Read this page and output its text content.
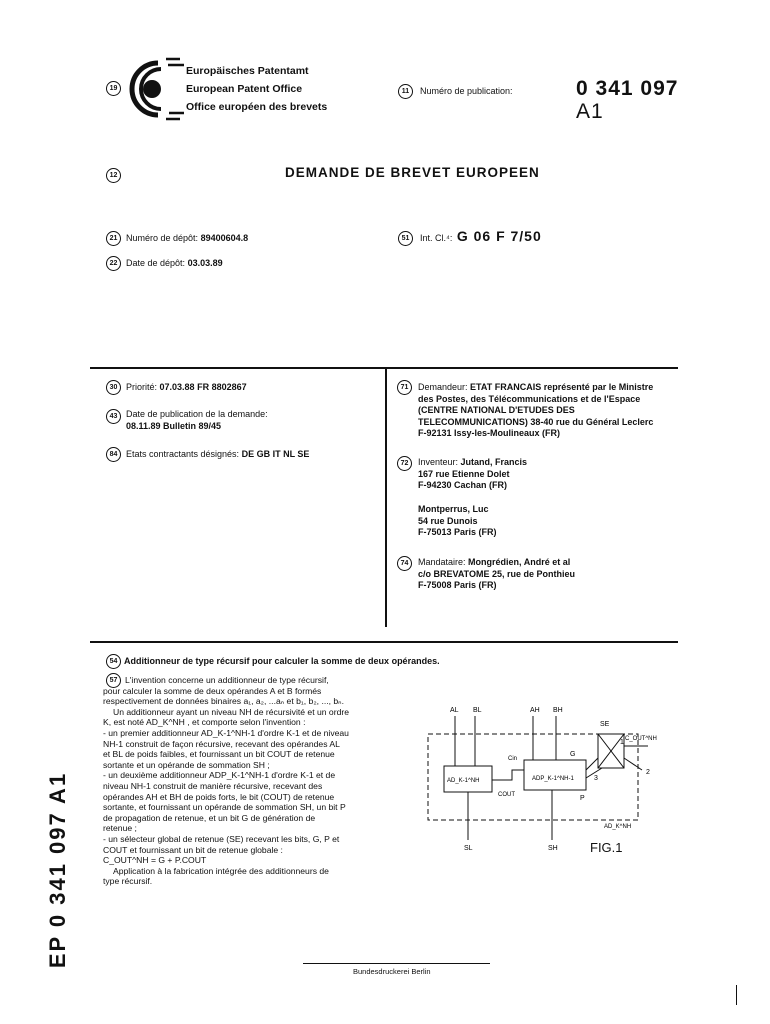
19
Europäisches Patentamt
European Patent Office
Office européen des brevets
11	Numéro de publication:	0 341 097
A1
12	DEMANDE DE BREVET EUROPEEN
21 Numéro de dépôt: 89400604.8
22 Date de dépôt: 03.03.89
51	Int. Cl.⁴: G 06 F 7/50
30 Priorité: 07.03.88 FR 8802867
43 Date de publication de la demande:
08.11.89 Bulletin 89/45
84 Etats contractants désignés: DE GB IT NL SE
71	Demandeur: ETAT FRANCAIS représenté par le Ministre
des Postes, des Télécommunications et de l'Espace
(CENTRE NATIONAL D'ETUDES DES
TELECOMMUNICATIONS) 38-40 rue du Général Leclerc
F-92131 Issy-les-Moulineaux (FR)
72	Inventeur: Jutand, Francis
167 rue Etienne Dolet
F-94230 Cachan (FR)
Montperrus, Luc
54 rue Dunois
F-75013 Paris (FR)
74	Mandataire: Mongrédien, André et al
c/o BREVATOME 25, rue de Ponthieu
F-75008 Paris (FR)
54 Additionneur de type récursif pour calculer la somme de deux opérandes.
57 L'invention concerne un additionneur de type récursif,

pour calculer la somme de deux opérandes A et B formés

respectivement de données binaires a₁, a₂, ...aₙ et b₁, b₂, ..., bₙ.

Un additionneur ayant un niveau NH de récursivité et un ordre

K, est noté AD_K^NH , et comporte selon l'invention :

- un premier additionneur AD_K-1^NH-1 d'ordre K-1 et de niveau

NH-1 construit de façon récursive, recevant des opérandes AL

et BL de poids faibles, et fournissant un bit COUT de retenue

sortante et un opérande de sommation SH ;

- un deuxième additionneur ADP_K-1^NH-1 d'ordre K-1 et de

niveau NH-1 construit de manière récursive, recevant des

opérandes AH et BH de poids forts, le bit (COUT) de retenue

sortante, et fournissant un opérande de sommation SH, un bit P

de propagation de retenue, et un bit G de génération de

retenue ;

- un sélecteur global de retenue (SE) recevant les bits, G, P et

COUT et fournissant un bit de retenue globale :

C_OUT^NH = G + P.COUT

Application à la fabrication intégrée des additionneurs de

type récursif.

AL BL	AH BH
SE
Cin
G
P
COUT
C_OUT^NH
AD_K-1^NH	ADP_K-1^NH-1
AD_K^NH
SL	SH
1
2
3
FIG.1
EP 0 341 097 A1
Bundesdruckerei Berlin
